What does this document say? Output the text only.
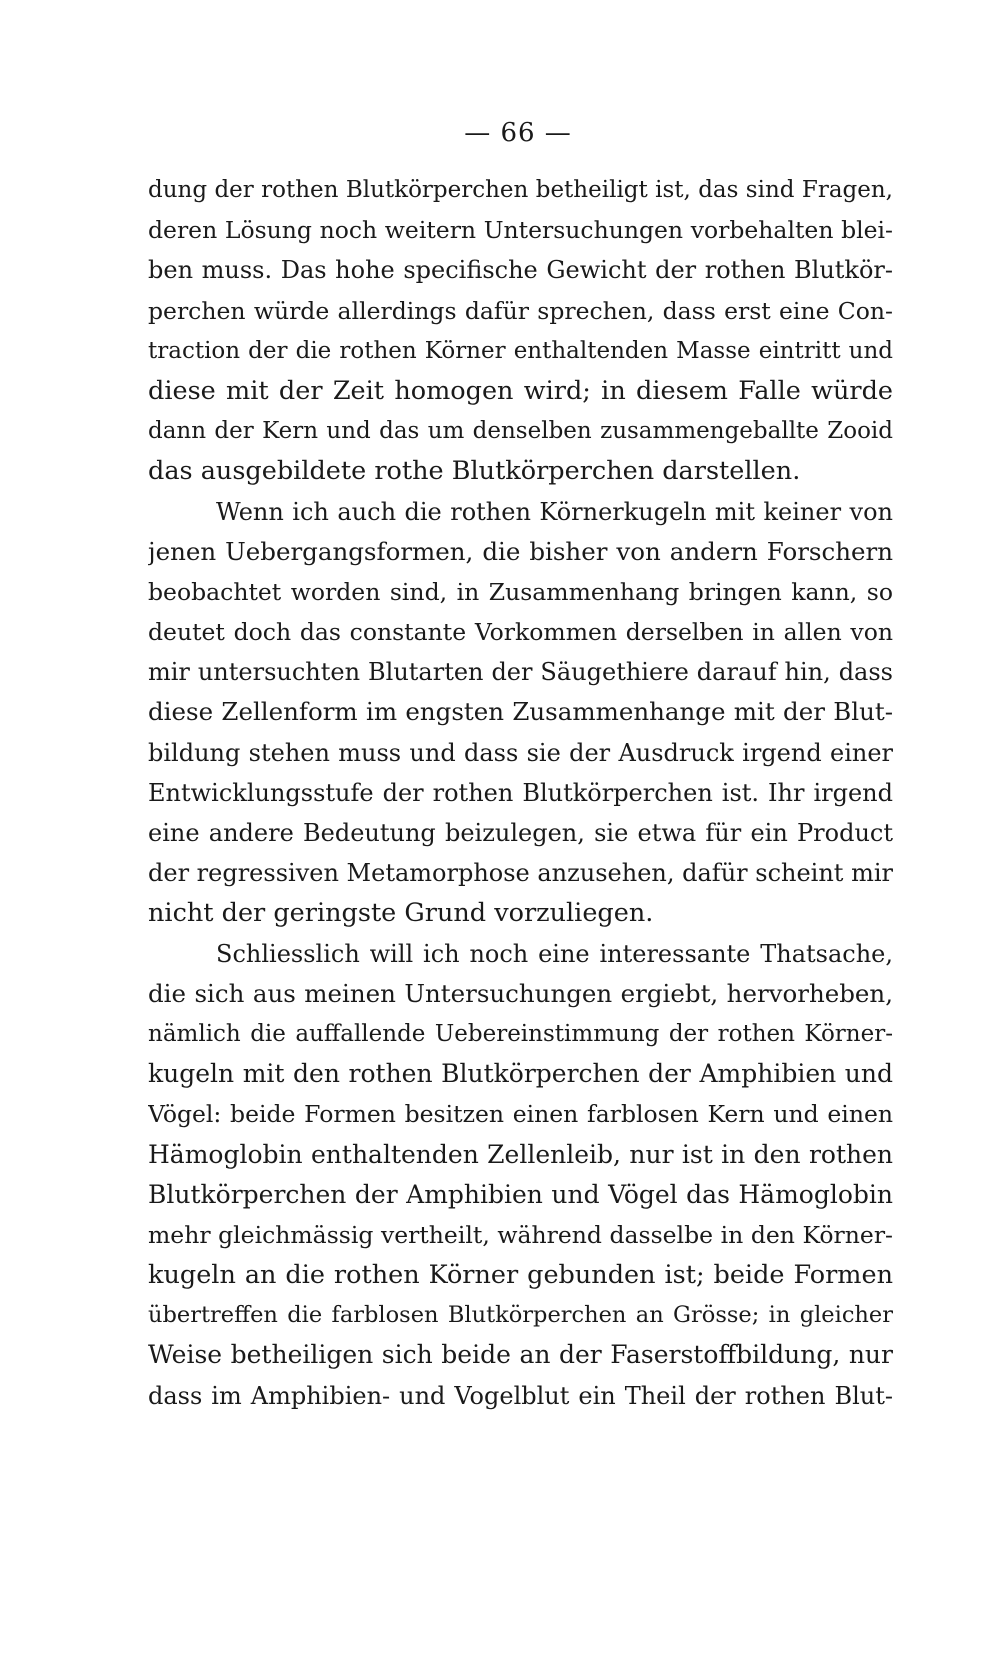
— 66 —
dung der rothen Blutkörperchen betheiligt ist, das sind Fragen,
deren Lösung noch weitern Untersuchungen vorbehalten blei-
ben muss. Das hohe specifische Gewicht der rothen Blutkör-
perchen würde allerdings dafür sprechen, dass erst eine Con-
traction der die rothen Körner enthaltenden Masse eintritt und
diese mit der Zeit homogen wird; in diesem Falle würde
dann der Kern und das um denselben zusammengeballte Zooid
das ausgebildete rothe Blutkörperchen darstellen.
Wenn ich auch die rothen Körnerkugeln mit keiner von
jenen Uebergangsformen, die bisher von andern Forschern
beobachtet worden sind, in Zusammenhang bringen kann, so
deutet doch das constante Vorkommen derselben in allen von
mir untersuchten Blutarten der Säugethiere darauf hin, dass
diese Zellenform im engsten Zusammenhange mit der Blut-
bildung stehen muss und dass sie der Ausdruck irgend einer
Entwicklungsstufe der rothen Blutkörperchen ist. Ihr irgend
eine andere Bedeutung beizulegen, sie etwa für ein Product
der regressiven Metamorphose anzusehen, dafür scheint mir
nicht der geringste Grund vorzuliegen.
Schliesslich will ich noch eine interessante Thatsache,
die sich aus meinen Untersuchungen ergiebt, hervorheben,
nämlich die auffallende Uebereinstimmung der rothen Körner-
kugeln mit den rothen Blutkörperchen der Amphibien und
Vögel: beide Formen besitzen einen farblosen Kern und einen
Hämoglobin enthaltenden Zellenleib, nur ist in den rothen
Blutkörperchen der Amphibien und Vögel das Hämoglobin
mehr gleichmässig vertheilt, während dasselbe in den Körner-
kugeln an die rothen Körner gebunden ist; beide Formen
übertreffen die farblosen Blutkörperchen an Grösse; in gleicher
Weise betheiligen sich beide an der Faserstoffbildung, nur
dass im Amphibien- und Vogelblut ein Theil der rothen Blut-
